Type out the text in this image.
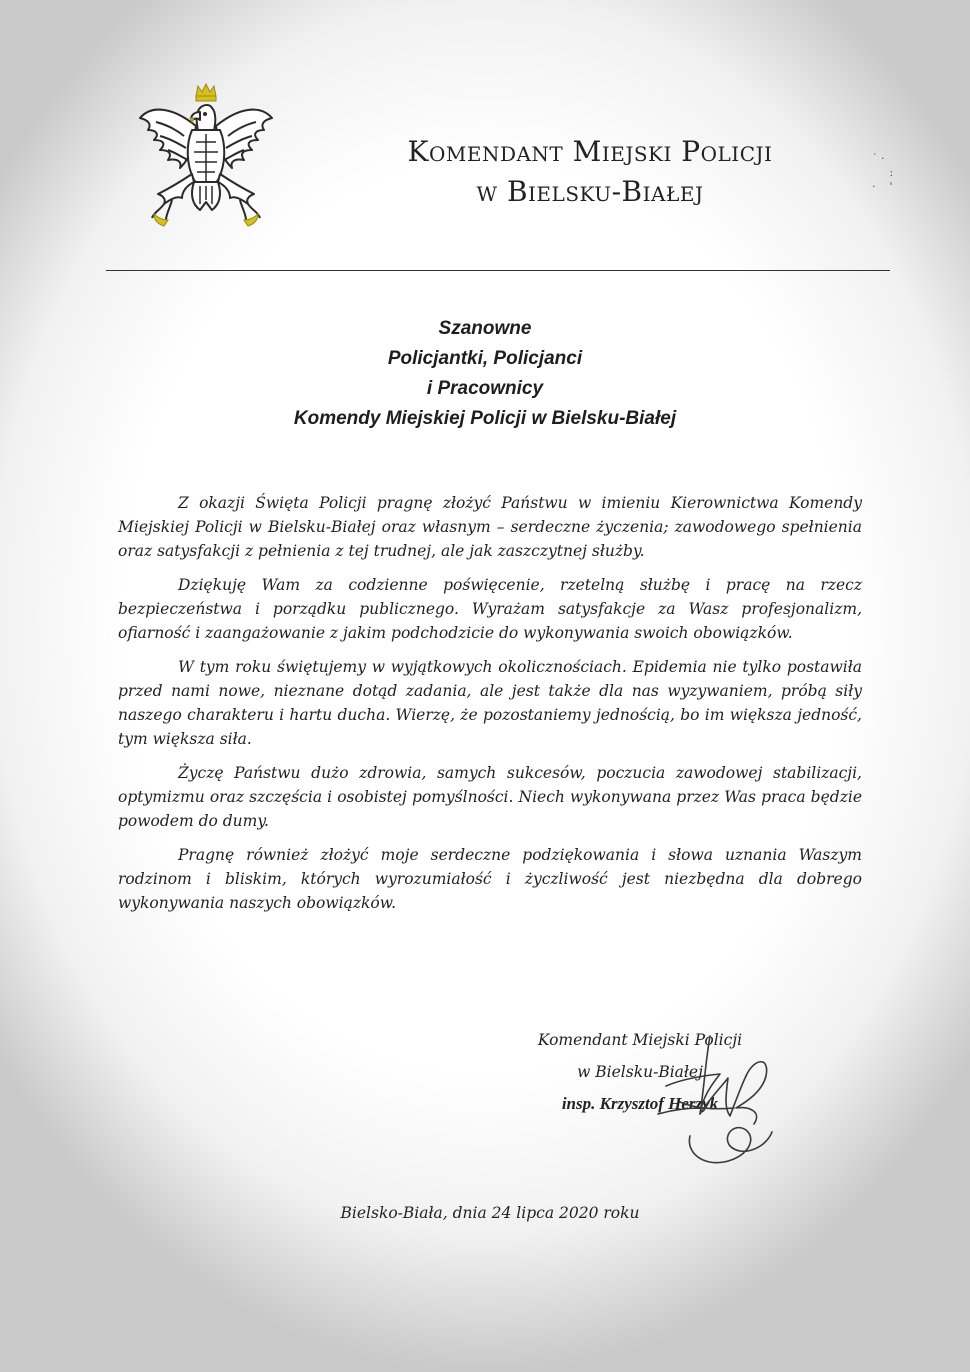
Komendant Miejski Policji
w Bielsku-Białej
˙ ·
:
·    '
Szanowne
Policjantki, Policjanci
i Pracownicy
Komendy Miejskiej Policji w Bielsku-Białej

Z okazji Święta Policji pragnę złożyć Państwu w imieniu Kierownictwa Komendy Miejskiej Policji w Bielsku-Białej oraz własnym – serdeczne życzenia; zawodowego spełnienia oraz satysfakcji z pełnienia z tej trudnej, ale jak zaszczytnej służby.

Dziękuję Wam za codzienne poświęcenie, rzetelną służbę i pracę na rzecz bezpieczeństwa i porządku publicznego. Wyrażam satysfakcje za Wasz profesjonalizm, ofiarność i zaangażowanie z jakim podchodzicie do wykonywania swoich obowiązków.

W tym roku świętujemy w wyjątkowych okolicznościach. Epidemia nie tylko postawiła przed nami nowe, nieznane dotąd zadania, ale jest także dla nas wyzywaniem, próbą siły naszego charakteru i hartu ducha. Wierzę, że pozostaniemy jednością, bo im większa jedność, tym większa siła.

Życzę Państwu dużo zdrowia, samych sukcesów, poczucia zawodowej stabilizacji, optymizmu oraz szczęścia i osobistej pomyślności. Niech wykonywana przez Was praca będzie powodem do dumy.

Pragnę również złożyć moje serdeczne podziękowania i słowa uznania Waszym rodzinom i bliskim, których wyrozumiałość i życzliwość jest niezbędna dla dobrego wykonywania naszych obowiązków.

Komendant Miejski Policji
w Bielsku-Białej
insp. Krzysztof Herzyk
Bielsko-Biała, dnia 24 lipca 2020 roku
